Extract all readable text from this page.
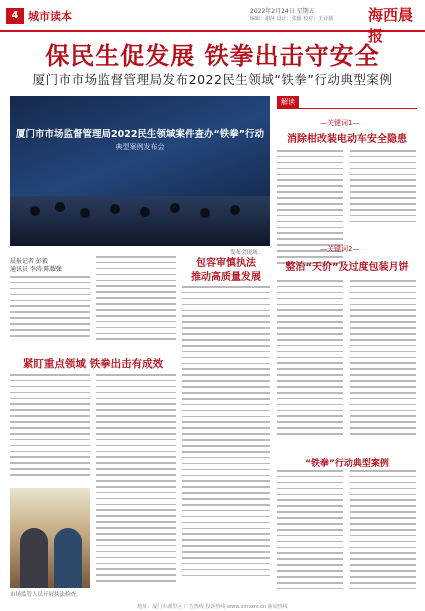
4 城市读本	2022年2月24日 星期五
编辑：谢萍 设计：张颖 校对：王诗薇 海西晨报
保民生促发展 铁拳出击守安全
厦门市市场监督管理局发布2022民生领域“铁拳”行动典型案例
厦门市市场监督管理局2022民生领域案件查办“铁拳”行动
典型案例发布会
发布会现场。
解读
—关键词1—
消除柑改装电动车安全隐患
—关键词2—
整治“天价”及过度包装月饼
“铁拳”行动典型案例
晨报记者 彭毅
通讯员 李涛 陈耀强
紧盯重点领域 铁拳出击有成效
市场监管人员开展执法检查。
包容审慎执法
推动高质量发展
地址：厦门市湖里区 广告热线 投诉热线 www.xmsxm.cn 新闻热线
